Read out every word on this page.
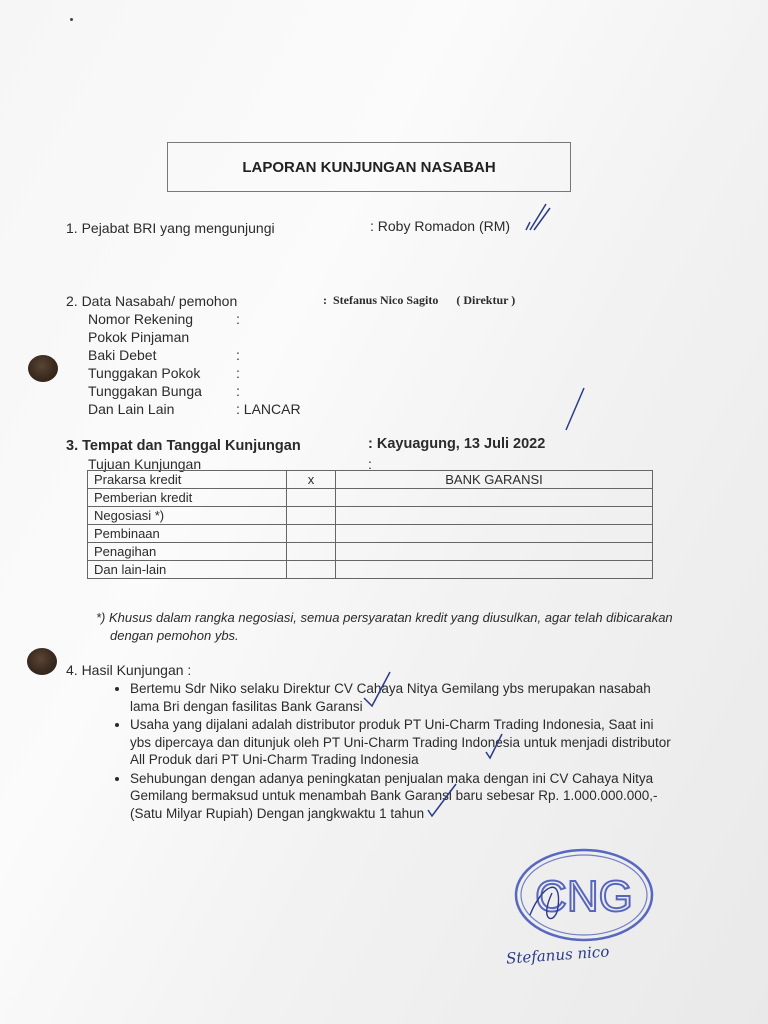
LAPORAN KUNJUNGAN NASABAH
1. Pejabat BRI yang mengunjungi	: Roby Romadon (RM)
2. Data Nasabah/ pemohon	:  Stefanus Nico Sagito      ( Direktur )
Nomor Rekening	:
Pokok Pinjaman
Baki Debet	:
Tunggakan Pokok	:
Tunggakan Bunga :
Dan Lain Lain	: LANCAR
3. Tempat dan Tanggal Kunjungan	: Kayuagung, 13 Juli 2022
Tujuan Kunjungan	:
Prakarsa kredit	x	BANK GARANSI
Pemberian kredit		
Negosiasi *)		
Pembinaan		
Penagihan		
Dan lain-lain		
*) Khusus dalam rangka negosiasi, semua persyaratan kredit yang diusulkan, agar telah dibicarakan
dengan pemohon ybs.
4. Hasil Kunjungan :
• Bertemu Sdr Niko selaku Direktur CV Cahaya Nitya Gemilang ybs merupakan nasabah lama Bri dengan fasilitas Bank Garansi
• Usaha yang dijalani adalah distributor produk PT Uni-Charm Trading Indonesia, Saat ini ybs dipercaya dan ditunjuk oleh PT Uni-Charm Trading Indonesia untuk menjadi distributor All Produk dari PT Uni-Charm Trading Indonesia
• Sehubungan dengan adanya peningkatan penjualan maka dengan ini CV Cahaya Nitya Gemilang bermaksud untuk menambah Bank Garansi baru sebesar Rp. 1.000.000.000,- (Satu Milyar Rupiah) Dengan jangkwaktu 1 tahun
CNG
Stefanus nico
